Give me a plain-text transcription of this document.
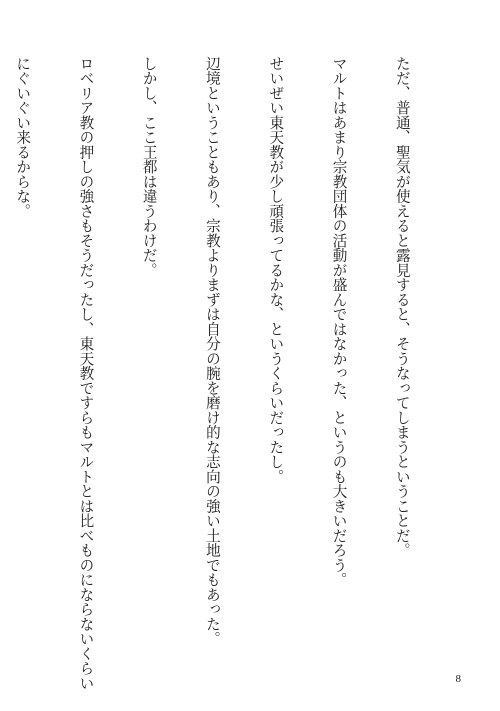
ただ、普通、聖気が使えると露見すると、そうなってしまうということだ。

マルトはあまり宗教団体の活動が盛んではなかった、というのも大きいだろう。

せいぜい東天教が少し頑張ってるかな、というくらいだったし。

辺境ということもあり、宗教よりまずは自分の腕を磨け的な志向の強い土地でもあった。

しかし、ここ王都は違うわけだ。

ロベリア教の押しの強さもそうだったし、東天教ですらもマルトとは比べものにならないくらい

にぐいぐい来るからな。

8
